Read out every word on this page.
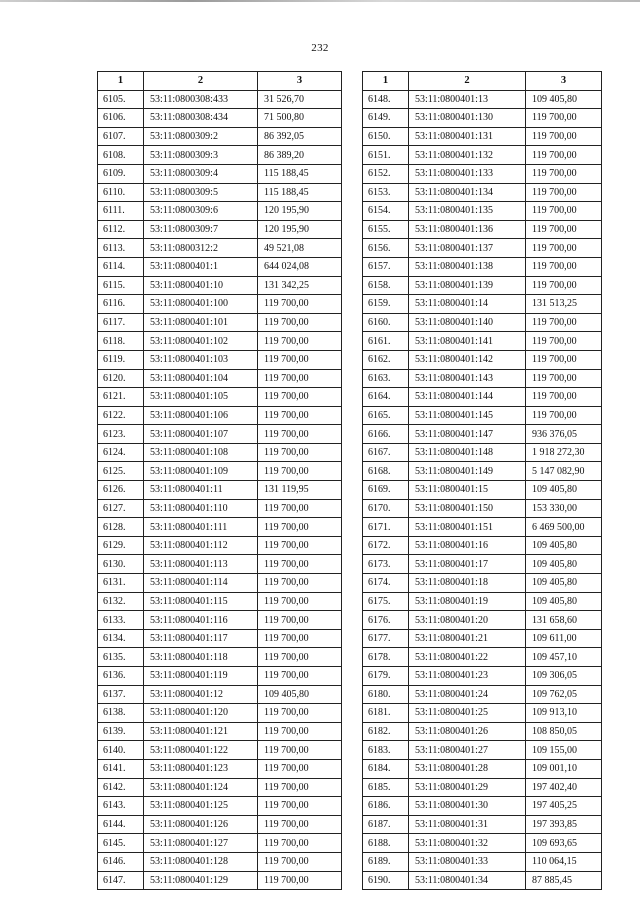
232
1	2	3
6105.	53:11:0800308:433	31 526,70
6106.	53:11:0800308:434	71 500,80
6107.	53:11:0800309:2	86 392,05
6108.	53:11:0800309:3	86 389,20
6109.	53:11:0800309:4	115 188,45
6110.	53:11:0800309:5	115 188,45
6111.	53:11:0800309:6	120 195,90
6112.	53:11:0800309:7	120 195,90
6113.	53:11:0800312:2	49 521,08
6114.	53:11:0800401:1	644 024,08
6115.	53:11:0800401:10	131 342,25
6116.	53:11:0800401:100	119 700,00
6117.	53:11:0800401:101	119 700,00
6118.	53:11:0800401:102	119 700,00
6119.	53:11:0800401:103	119 700,00
6120.	53:11:0800401:104	119 700,00
6121.	53:11:0800401:105	119 700,00
6122.	53:11:0800401:106	119 700,00
6123.	53:11:0800401:107	119 700,00
6124.	53:11:0800401:108	119 700,00
6125.	53:11:0800401:109	119 700,00
6126.	53:11:0800401:11	131 119,95
6127.	53:11:0800401:110	119 700,00
6128.	53:11:0800401:111	119 700,00
6129.	53:11:0800401:112	119 700,00
6130.	53:11:0800401:113	119 700,00
6131.	53:11:0800401:114	119 700,00
6132.	53:11:0800401:115	119 700,00
6133.	53:11:0800401:116	119 700,00
6134.	53:11:0800401:117	119 700,00
6135.	53:11:0800401:118	119 700,00
6136.	53:11:0800401:119	119 700,00
6137.	53:11:0800401:12	109 405,80
6138.	53:11:0800401:120	119 700,00
6139.	53:11:0800401:121	119 700,00
6140.	53:11:0800401:122	119 700,00
6141.	53:11:0800401:123	119 700,00
6142.	53:11:0800401:124	119 700,00
6143.	53:11:0800401:125	119 700,00
6144.	53:11:0800401:126	119 700,00
6145.	53:11:0800401:127	119 700,00
6146.	53:11:0800401:128	119 700,00
6147.	53:11:0800401:129	119 700,00
1	2	3
6148.	53:11:0800401:13	109 405,80
6149.	53:11:0800401:130	119 700,00
6150.	53:11:0800401:131	119 700,00
6151.	53:11:0800401:132	119 700,00
6152.	53:11:0800401:133	119 700,00
6153.	53:11:0800401:134	119 700,00
6154.	53:11:0800401:135	119 700,00
6155.	53:11:0800401:136	119 700,00
6156.	53:11:0800401:137	119 700,00
6157.	53:11:0800401:138	119 700,00
6158.	53:11:0800401:139	119 700,00
6159.	53:11:0800401:14	131 513,25
6160.	53:11:0800401:140	119 700,00
6161.	53:11:0800401:141	119 700,00
6162.	53:11:0800401:142	119 700,00
6163.	53:11:0800401:143	119 700,00
6164.	53:11:0800401:144	119 700,00
6165.	53:11:0800401:145	119 700,00
6166.	53:11:0800401:147	936 376,05
6167.	53:11:0800401:148	1 918 272,30
6168.	53:11:0800401:149	5 147 082,90
6169.	53:11:0800401:15	109 405,80
6170.	53:11:0800401:150	153 330,00
6171.	53:11:0800401:151	6 469 500,00
6172.	53:11:0800401:16	109 405,80
6173.	53:11:0800401:17	109 405,80
6174.	53:11:0800401:18	109 405,80
6175.	53:11:0800401:19	109 405,80
6176.	53:11:0800401:20	131 658,60
6177.	53:11:0800401:21	109 611,00
6178.	53:11:0800401:22	109 457,10
6179.	53:11:0800401:23	109 306,05
6180.	53:11:0800401:24	109 762,05
6181.	53:11:0800401:25	109 913,10
6182.	53:11:0800401:26	108 850,05
6183.	53:11:0800401:27	109 155,00
6184.	53:11:0800401:28	109 001,10
6185.	53:11:0800401:29	197 402,40
6186.	53:11:0800401:30	197 405,25
6187.	53:11:0800401:31	197 393,85
6188.	53:11:0800401:32	109 693,65
6189.	53:11:0800401:33	110 064,15
6190.	53:11:0800401:34	87 885,45
